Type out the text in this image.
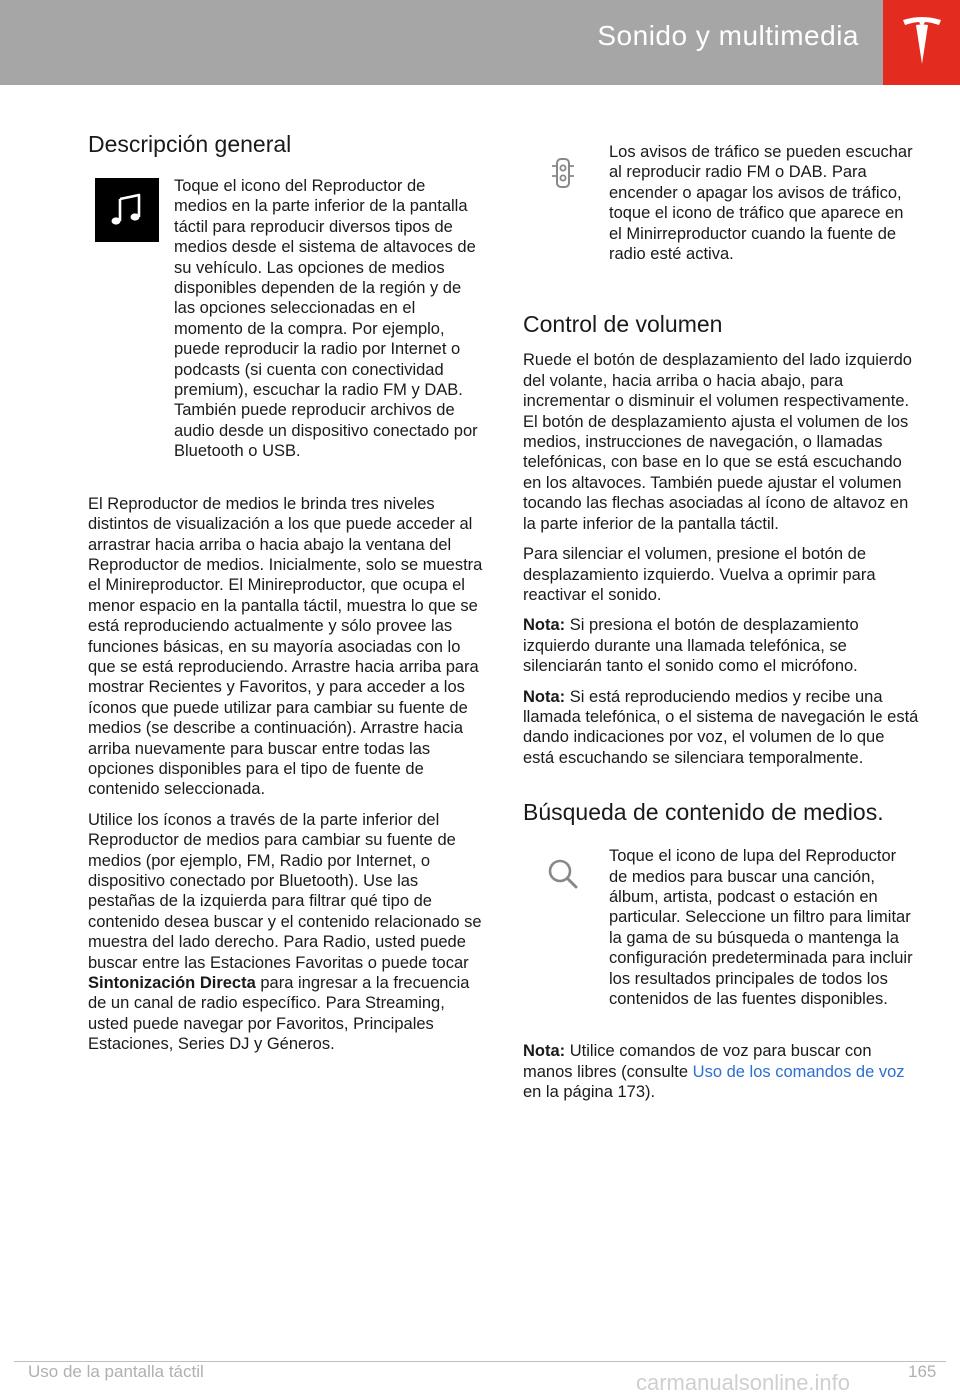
Sonido y multimedia
Descripción general

Toque el icono del Reproductor de medios en la parte inferior de la pantalla táctil para reproducir diversos tipos de medios desde el sistema de altavoces de su vehículo. Las opciones de medios disponibles dependen de la región y de las opciones seleccionadas en el momento de la compra. Por ejemplo, puede reproducir la radio por Internet o podcasts (si cuenta con conectividad premium), escuchar la radio FM y DAB. También puede reproducir archivos de audio desde un dispositivo conectado por Bluetooth o USB.

El Reproductor de medios le brinda tres niveles distintos de visualización a los que puede acceder al arrastrar hacia arriba o hacia abajo la ventana del Reproductor de medios. Inicialmente, solo se muestra el Minireproductor. El Minireproductor, que ocupa el menor espacio en la pantalla táctil, muestra lo que se está reproduciendo actualmente y sólo provee las funciones básicas, en su mayoría asociadas con lo que se está reproduciendo. Arrastre hacia arriba para mostrar Recientes y Favoritos, y para acceder a los íconos que puede utilizar para cambiar su fuente de medios (se describe a continuación). Arrastre hacia arriba nuevamente para buscar entre todas las opciones disponibles para el tipo de fuente de contenido seleccionada.

Utilice los íconos a través de la parte inferior del Reproductor de medios para cambiar su fuente de medios (por ejemplo, FM, Radio por Internet, o dispositivo conectado por Bluetooth). Use las pestañas de la izquierda para filtrar qué tipo de contenido desea buscar y el contenido relacionado se muestra del lado derecho. Para Radio, usted puede buscar entre las Estaciones Favoritas o puede tocar Sintonización Directa para ingresar a la frecuencia de un canal de radio específico. Para Streaming, usted puede navegar por Favoritos, Principales Estaciones, Series DJ y Géneros.

Los avisos de tráfico se pueden escuchar al reproducir radio FM o DAB. Para encender o apagar los avisos de tráfico, toque el icono de tráfico que aparece en el Minirreproductor cuando la fuente de radio esté activa.

Control de volumen

Ruede el botón de desplazamiento del lado izquierdo del volante, hacia arriba o hacia abajo, para incrementar o disminuir el volumen respectivamente. El botón de desplazamiento ajusta el volumen de los medios, instrucciones de navegación, o llamadas telefónicas, con base en lo que se está escuchando en los altavoces. También puede ajustar el volumen tocando las flechas asociadas al ícono de altavoz en la parte inferior de la pantalla táctil.

Para silenciar el volumen, presione el botón de desplazamiento izquierdo. Vuelva a oprimir para reactivar el sonido.

Nota: Si presiona el botón de desplazamiento izquierdo durante una llamada telefónica, se silenciarán tanto el sonido como el micrófono.

Nota: Si está reproduciendo medios y recibe una llamada telefónica, o el sistema de navegación le está dando indicaciones por voz, el volumen de lo que está escuchando se silenciara temporalmente.

Búsqueda de contenido de medios.

Toque el icono de lupa del Reproductor de medios para buscar una canción, álbum, artista, podcast o estación en particular. Seleccione un filtro para limitar la gama de su búsqueda o mantenga la configuración predeterminada para incluir los resultados principales de todos los contenidos de las fuentes disponibles.

Nota: Utilice comandos de voz para buscar con manos libres (consulte Uso de los comandos de voz en la página 173).

Uso de la pantalla táctil	165
carmanualsonline.info
